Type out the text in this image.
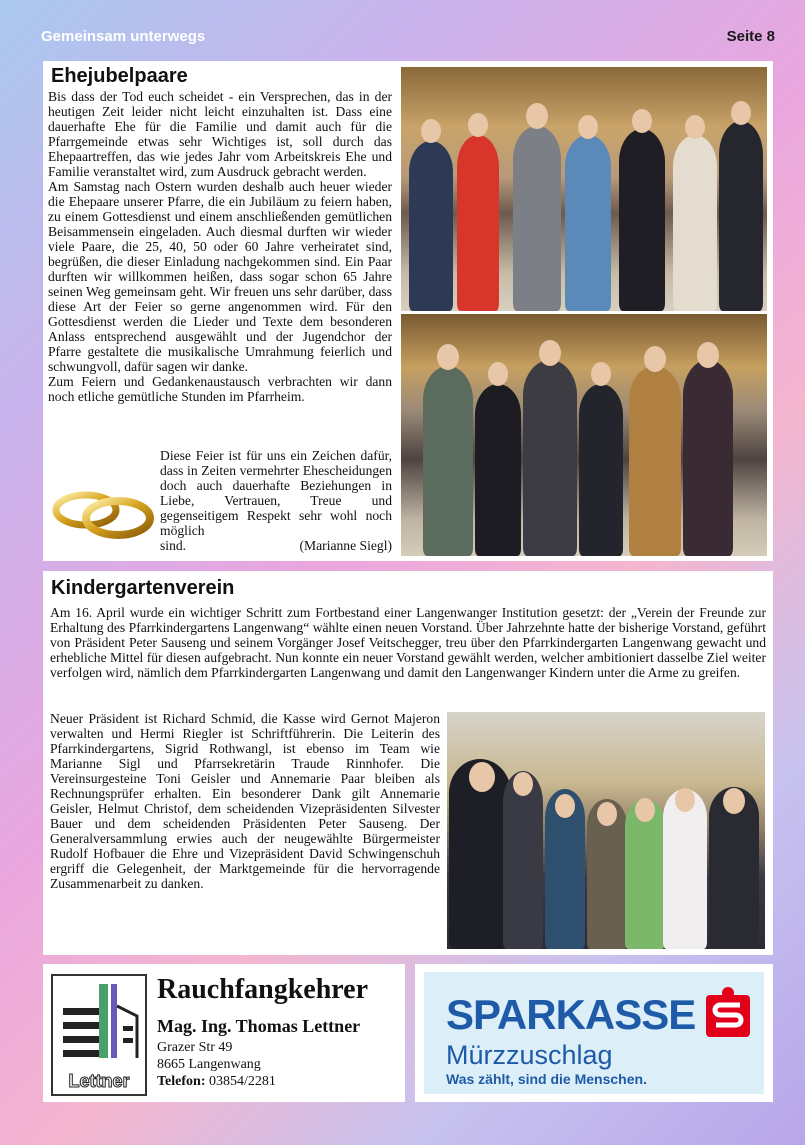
Gemeinsam unterwegs	Seite 8
Ehejubelpaare

Bis dass der Tod euch scheidet - ein Versprechen, das in der heutigen Zeit leider nicht leicht einzuhalten ist. Dass eine dauerhafte Ehe für die Familie und damit auch für die Pfarrgemeinde etwas sehr Wichtiges ist, soll durch das Ehepaartreffen, das wie jedes Jahr vom Arbeitskreis Ehe und Familie veranstaltet wird, zum Ausdruck gebracht werden.

Am Samstag nach Ostern wurden deshalb auch heuer wieder die Ehepaare unserer Pfarre, die ein Jubiläum zu feiern haben, zu einem Gottesdienst und einem anschließenden gemütlichen Beisammensein eingeladen. Auch diesmal durften wir wieder viele Paare, die 25, 40, 50 oder 60 Jahre verheiratet sind, begrüßen, die dieser Einladung nachgekommen sind. Ein Paar durften wir willkommen heißen, dass sogar schon 65 Jahre seinen Weg gemeinsam geht. Wir freuen uns sehr darüber, dass diese Art der Feier so gerne angenommen wird. Für den Gottesdienst werden die Lieder und Texte dem besonderen Anlass entsprechend ausgewählt und der Jugendchor der Pfarre gestaltete die musikalische Umrahmung feierlich und schwungvoll, dafür sagen wir danke.

Zum Feiern und Gedankenaustausch verbrachten wir dann noch etliche gemütliche Stunden im Pfarrheim.

Diese Feier ist für uns ein Zeichen dafür, dass in Zeiten vermehrter Ehescheidungen doch auch dauerhafte Beziehungen in Liebe, Vertrauen, Treue und gegenseitigem Respekt sehr wohl noch möglich

sind.	(Marianne Siegl)

Kindergartenverein

Am 16. April wurde ein wichtiger Schritt zum Fortbestand einer Langenwanger Institution gesetzt: der „Verein der Freunde zur Erhaltung des Pfarrkindergartens Langenwang“ wählte einen neuen Vorstand. Über Jahrzehnte hatte der bisherige Vorstand, geführt von Präsident Peter Sauseng und seinem Vorgänger Josef Veitschegger, treu über den Pfarrkindergarten Langenwang gewacht und erhebliche Mittel für diesen aufgebracht. Nun konnte ein neuer Vorstand gewählt werden, welcher ambitioniert dasselbe Ziel weiter verfolgen wird, nämlich dem Pfarrkindergarten Langenwang und damit den Langenwanger Kindern unter die Arme zu greifen.

Neuer Präsident ist Richard Schmid, die Kasse wird Gernot Majeron verwalten und Hermi Riegler ist Schriftführerin. Die Leiterin des Pfarrkindergartens, Sigrid Rothwangl, ist ebenso im Team wie Marianne Sigl und Pfarrsekretärin Traude Rinnhofer. Die Vereinsurgesteine Toni Geisler und Annemarie Paar bleiben als Rechnungsprüfer erhalten. Ein besonderer Dank gilt Annemarie Geisler, Helmut Christof, dem scheidenden Vizepräsidenten Silvester Bauer und dem scheidenden Präsidenten Peter Sauseng. Der Generalversammlung erwies auch der neugewählte Bürgermeister Rudolf Hofbauer die Ehre und Vizepräsident David Schwingenschuh ergriff die Gelegenheit, der Marktgemeinde für die hervorragende Zusammenarbeit zu danken.

Lettner
Rauchfangkehrer
Mag. Ing. Thomas Lettner
Grazer Str 49
8665 Langenwang
Telefon: 03854/2281
SPARKASSE
Mürzzuschlag
Was zählt, sind die Menschen.
